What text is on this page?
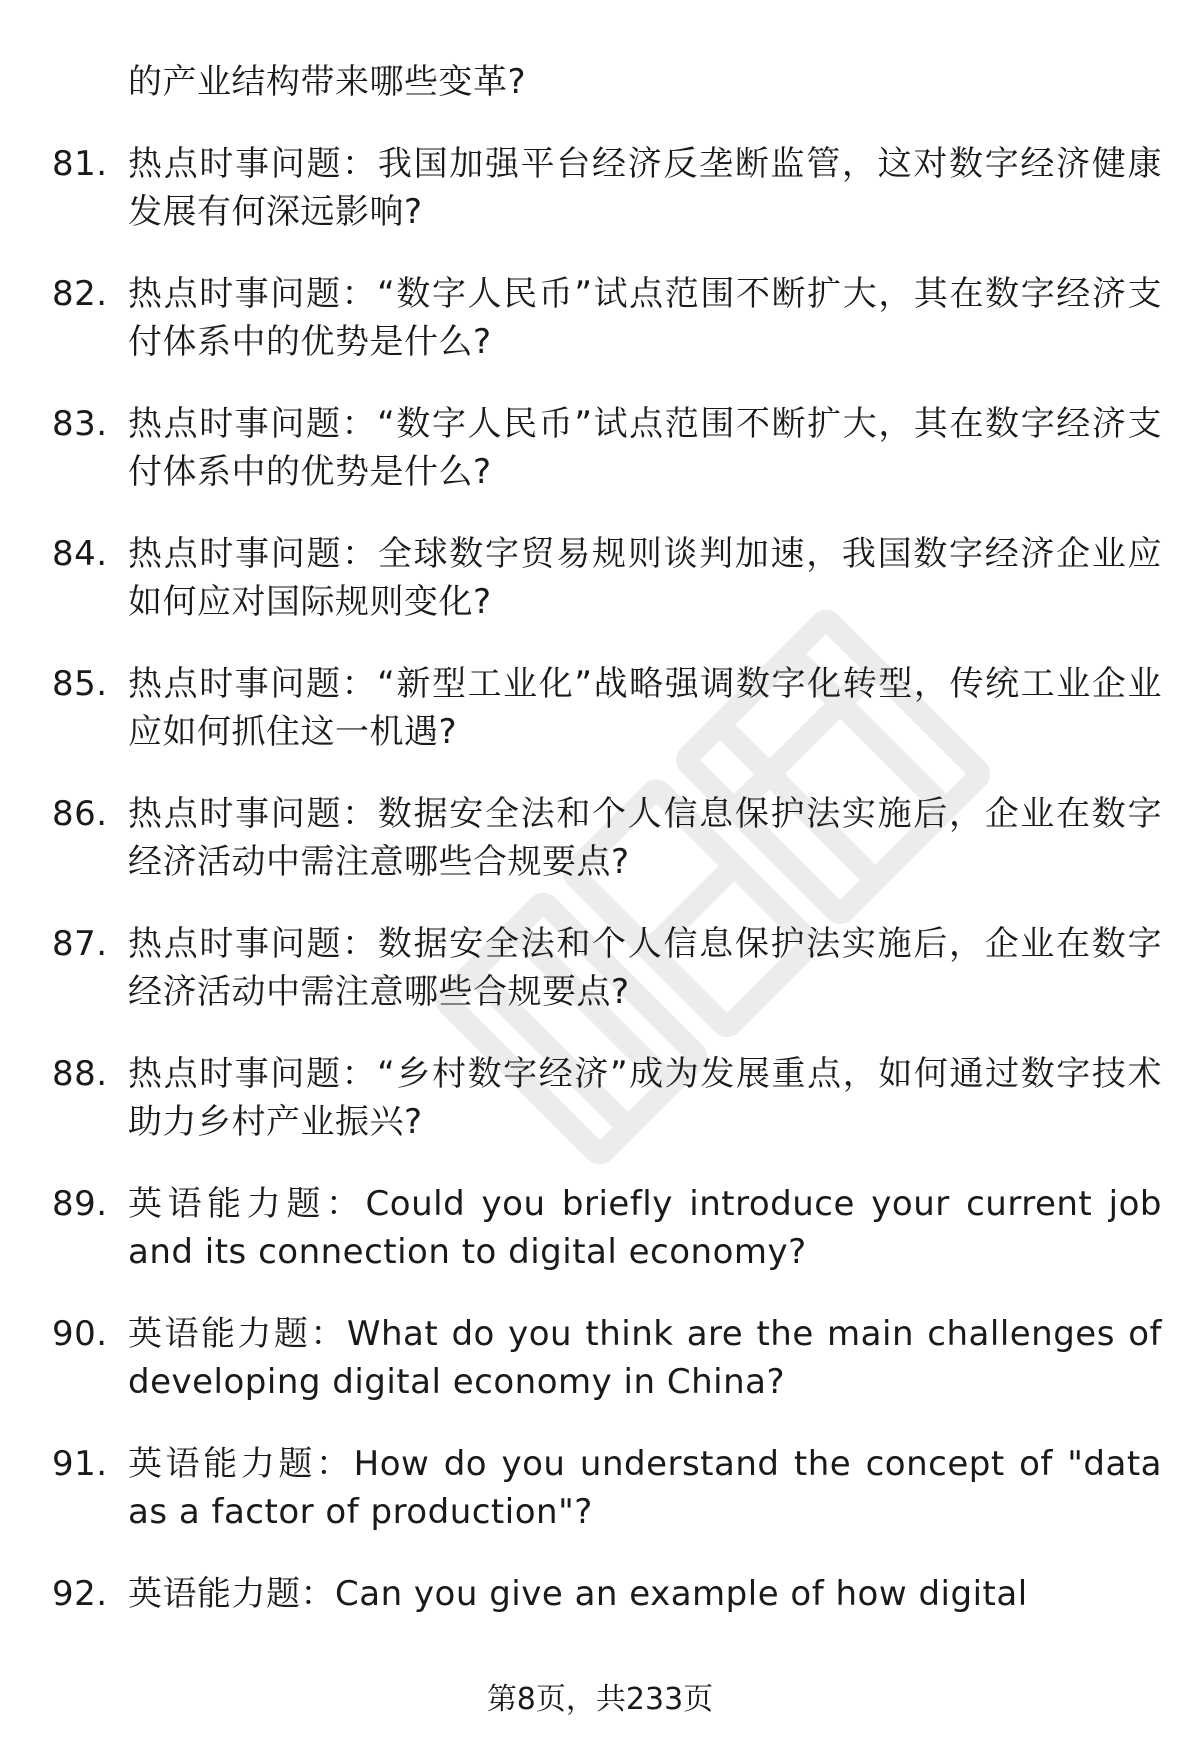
的产业结构带来哪些变革?
81. 热点时事问题：我国加强平台经济反垄断监管，这对数字经济健康发展有何深远影响?
82. 热点时事问题：“数字人民币”试点范围不断扩大，其在数字经济支付体系中的优势是什么?
83. 热点时事问题：“数字人民币”试点范围不断扩大，其在数字经济支付体系中的优势是什么?
84. 热点时事问题：全球数字贸易规则谈判加速，我国数字经济企业应如何应对国际规则变化?
85. 热点时事问题：“新型工业化”战略强调数字化转型，传统工业企业应如何抓住这一机遇?
86. 热点时事问题：数据安全法和个人信息保护法实施后，企业在数字经济活动中需注意哪些合规要点?
87. 热点时事问题：数据安全法和个人信息保护法实施后，企业在数字经济活动中需注意哪些合规要点?
88. 热点时事问题：“乡村数字经济”成为发展重点，如何通过数字技术助力乡村产业振兴?
89. 英语能力题：Could you briefly introduce your current job and its connection to digital economy?
90. 英语能力题：What do you think are the main challenges of developing digital economy in China?
91. 英语能力题：How do you understand the concept of "data as a factor of production"?
92. 英语能力题：Can you give an example of how digital
第8页，共233页
